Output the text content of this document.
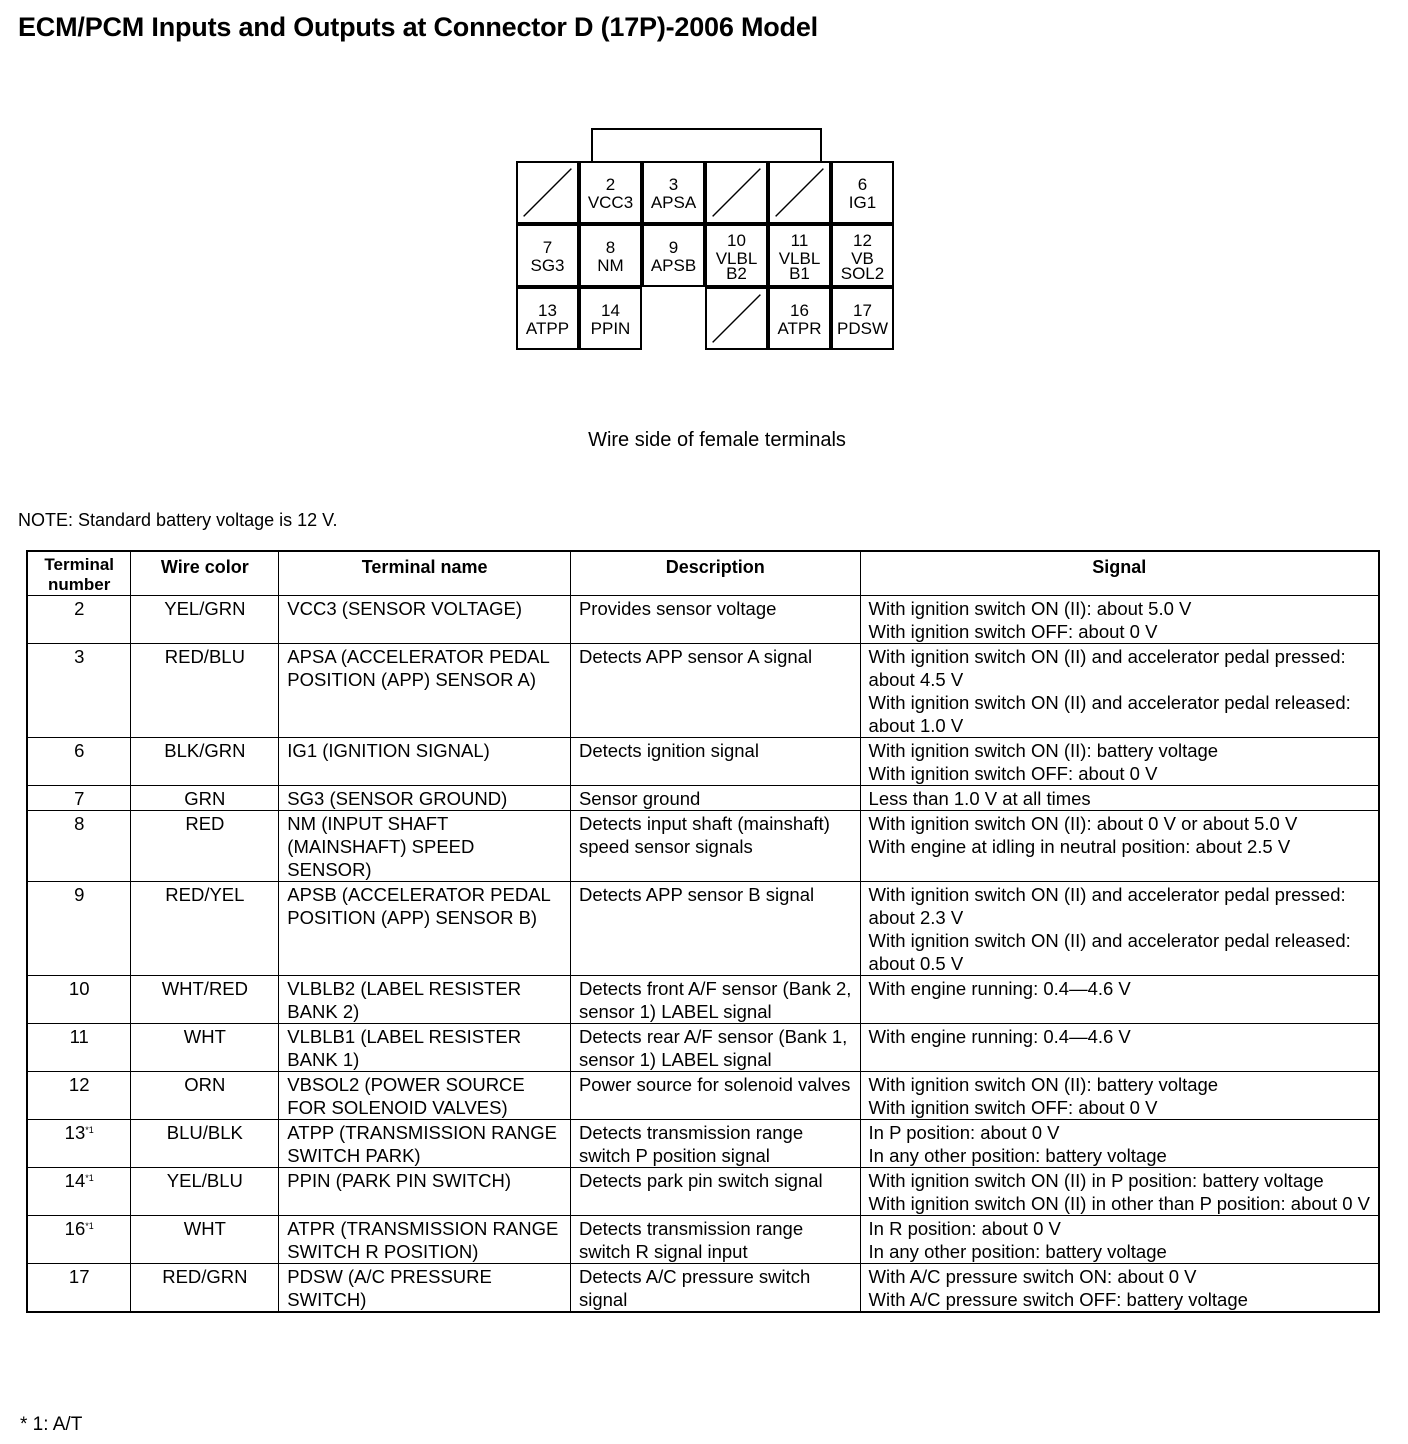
ECM/PCM Inputs and Outputs at Connector D (17P)-2006 Model
2
VCC3
3
APSA
6
IG1
7
SG3
8
NM
9
APSB
10
VLBL
B2
11
VLBL
B1
12
VB
SOL2
13
ATPP
14
PPIN
16
ATPR
17
PDSW
Wire side of female terminals
NOTE: Standard battery voltage is 12 V.
Terminal number	Wire color	Terminal name	Description	Signal
2	YEL/GRN	VCC3 (SENSOR VOLTAGE)	Provides sensor voltage	With ignition switch ON (II): about 5.0 V
With ignition switch OFF: about 0 V

3	RED/BLU	APSA (ACCELERATOR PEDAL POSITION (APP) SENSOR A)	Detects APP sensor A signal	With ignition switch ON (II) and accelerator pedal pressed: about 4.5 V
With ignition switch ON (II) and accelerator pedal released: about 1.0 V

6	BLK/GRN	IG1 (IGNITION SIGNAL)	Detects ignition signal	With ignition switch ON (II): battery voltage
With ignition switch OFF: about 0 V

7	GRN	SG3 (SENSOR GROUND)	Sensor ground	Less than 1.0 V at all times

8	RED	NM (INPUT SHAFT (MAINSHAFT) SPEED SENSOR)	Detects input shaft (mainshaft) speed sensor signals	With ignition switch ON (II): about 0 V or about 5.0 V
With engine at idling in neutral position: about 2.5 V

9	RED/YEL	APSB (ACCELERATOR PEDAL POSITION (APP) SENSOR B)	Detects APP sensor B signal	With ignition switch ON (II) and accelerator pedal pressed: about 2.3 V
With ignition switch ON (II) and accelerator pedal released: about 0.5 V

10	WHT/RED	VLBLB2 (LABEL RESISTER BANK 2)	Detects front A/F sensor (Bank 2, sensor 1) LABEL signal	With engine running: 0.4—4.6 V

11	WHT	VLBLB1 (LABEL RESISTER BANK 1)	Detects rear A/F sensor (Bank 1, sensor 1) LABEL signal	With engine running: 0.4—4.6 V

12	ORN	VBSOL2 (POWER SOURCE FOR SOLENOID VALVES)	Power source for solenoid valves	With ignition switch ON (II): battery voltage
With ignition switch OFF: about 0 V

13$^{*1}$	BLU/BLK	ATPP (TRANSMISSION RANGE SWITCH PARK)	Detects transmission range switch P position signal	In P position: about 0 V
In any other position: battery voltage

14$^{*1}$	YEL/BLU	PPIN (PARK PIN SWITCH)	Detects park pin switch signal	With ignition switch ON (II) in P position: battery voltage
With ignition switch ON (II) in other than P position: about 0 V

16$^{*1}$	WHT	ATPR (TRANSMISSION RANGE SWITCH R POSITION)	Detects transmission range switch R signal input	In R position: about 0 V
In any other position: battery voltage

17	RED/GRN	PDSW (A/C PRESSURE SWITCH)	Detects A/C pressure switch signal	With A/C pressure switch ON: about 0 V
With A/C pressure switch OFF: battery voltage
* 1: A/T
